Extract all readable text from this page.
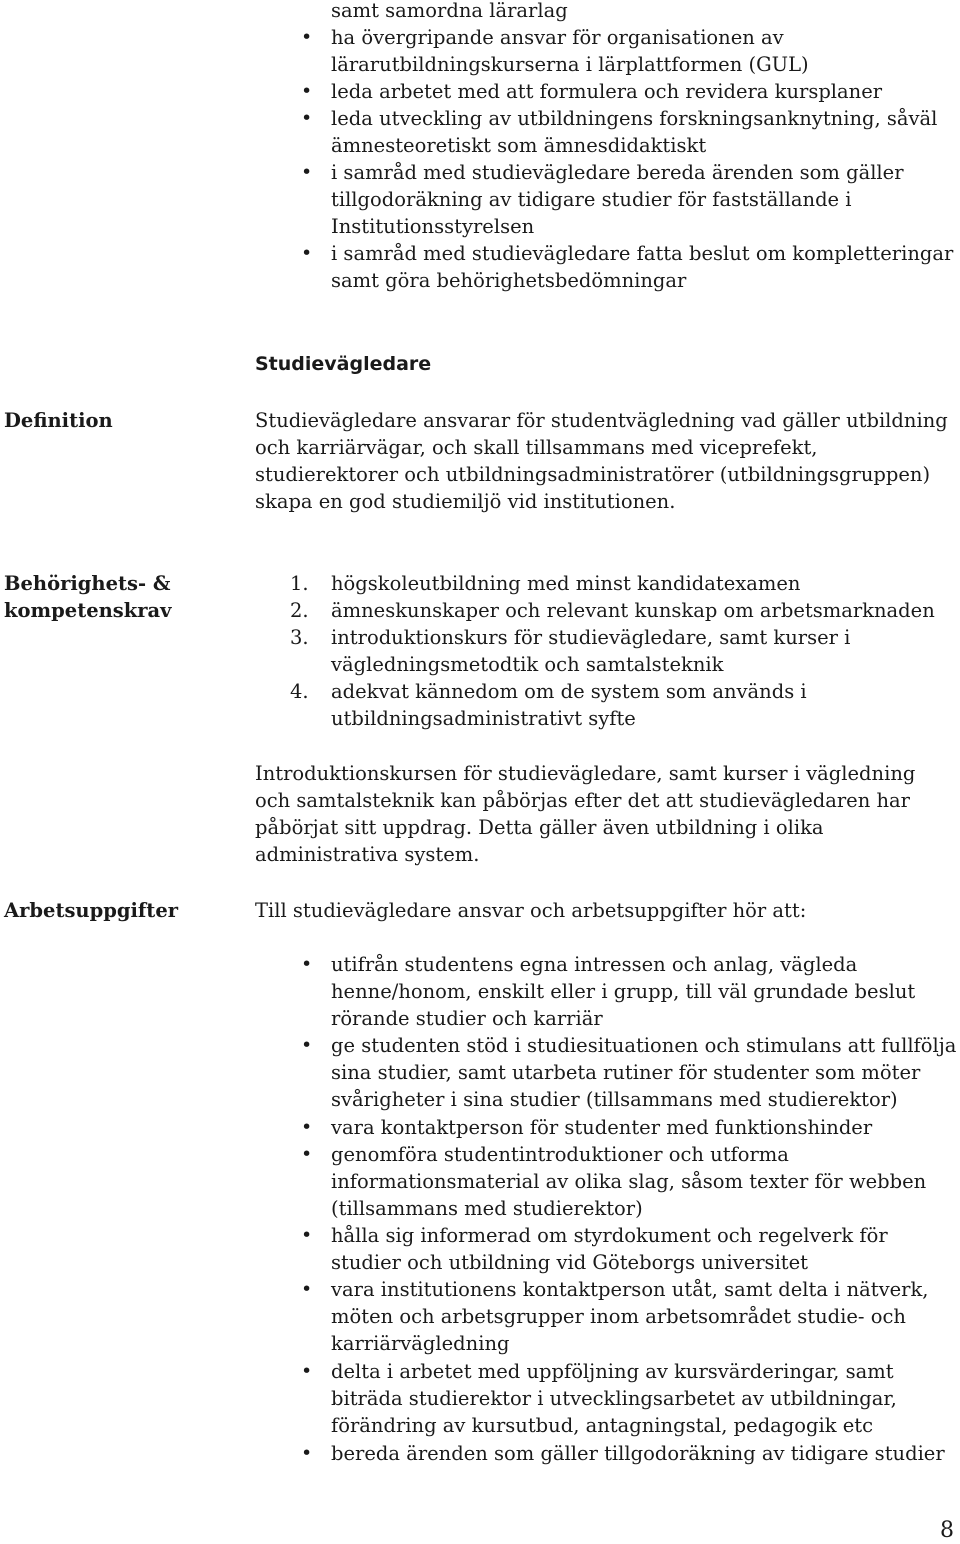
samt samordna lärarlag
• ha övergripande ansvar för organisationen av
lärarutbildningskurserna i lärplattformen (GUL)
• leda arbetet med att formulera och revidera kursplaner
• leda utveckling av utbildningens forskningsanknytning, såväl
ämnesteoretiskt som ämnesdidaktiskt
• i samråd med studievägledare bereda ärenden som gäller
tillgodoräkning av tidigare studier för fastställande i
Institutionsstyrelsen
• i samråd med studievägledare fatta beslut om kompletteringar
samt göra behörighetsbedömningar
Studievägledare
Definition	Studievägledare ansvarar för studentvägledning vad gäller utbildning
och karriärvägar, och skall tillsammans med viceprefekt,
studierektorer och utbildningsadministratörer (utbildningsgruppen)
skapa en god studiemiljö vid institutionen.
Behörighets- &
kompetenskrav
1. högskoleutbildning med minst kandidatexamen
2. ämneskunskaper och relevant kunskap om arbetsmarknaden
3. introduktionskurs för studievägledare, samt kurser i
vägledningsmetodtik och samtalsteknik
4. adekvat kännedom om de system som används i
utbildningsadministrativt syfte
Introduktionskursen för studievägledare, samt kurser i vägledning
och samtalsteknik kan påbörjas efter det att studievägledaren har
påbörjat sitt uppdrag. Detta gäller även utbildning i olika
administrativa system.
Arbetsuppgifter	Till studievägledare ansvar och arbetsuppgifter hör att:
• utifrån studentens egna intressen och anlag, vägleda
henne/honom, enskilt eller i grupp, till väl grundade beslut
rörande studier och karriär
• ge studenten stöd i studiesituationen och stimulans att fullfölja
sina studier, samt utarbeta rutiner för studenter som möter
svårigheter i sina studier (tillsammans med studierektor)
• vara kontaktperson för studenter med funktionshinder
• genomföra studentintroduktioner och utforma
informationsmaterial av olika slag, såsom texter för webben
(tillsammans med studierektor)
• hålla sig informerad om styrdokument och regelverk för
studier och utbildning vid Göteborgs universitet
• vara institutionens kontaktperson utåt, samt delta i nätverk,
möten och arbetsgrupper inom arbetsområdet studie- och
karriärvägledning
• delta i arbetet med uppföljning av kursvärderingar, samt
biträda studierektor i utvecklingsarbetet av utbildningar,
förändring av kursutbud, antagningstal, pedagogik etc
• bereda ärenden som gäller tillgodoräkning av tidigare studier
8
